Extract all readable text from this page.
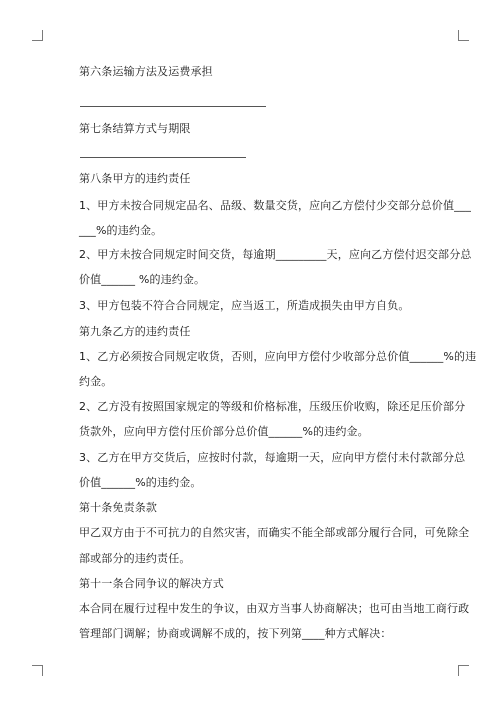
第六条运输方法及运费承担
第七条结算方式与期限
第八条甲方的违约责任
1、甲方未按合同规定品名、品级、数量交货，应向乙方偿付少交部分总价值___
___%的违约金。
2、甲方未按合同规定时间交货，每逾期_________天，应向乙方偿付迟交部分总
价值______ %的违约金。
3、甲方包装不符合合同规定，应当返工，所造成损失由甲方自负。
第九条乙方的违约责任
1、乙方必须按合同规定收货，否则，应向甲方偿付少收部分总价值______%的违
约金。
2、乙方没有按照国家规定的等级和价格标准，压级压价收购，除还足压价部分
货款外，应向甲方偿付压价部分总价值______%的违约金。
3、乙方在甲方交货后，应按时付款，每逾期一天，应向甲方偿付未付款部分总
价值______%的违约金。
第十条免责条款
甲乙双方由于不可抗力的自然灾害，而确实不能全部或部分履行合同，可免除全
部或部分的违约责任。
第十一条合同争议的解决方式
本合同在履行过程中发生的争议，由双方当事人协商解决；也可由当地工商行政
管理部门调解；协商或调解不成的，按下列第____种方式解决：
